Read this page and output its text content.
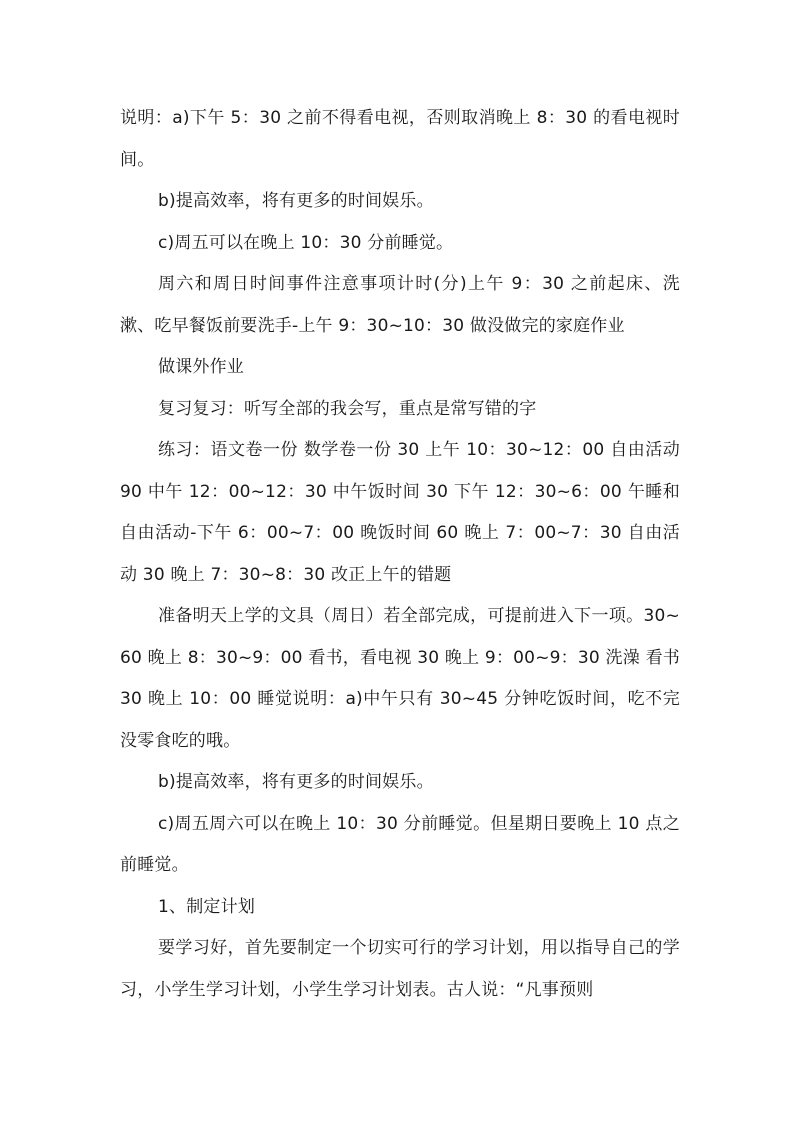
说明：a)下午 5：30 之前不得看电视，否则取消晚上 8：30 的看电视时间。

b)提高效率，将有更多的时间娱乐。

c)周五可以在晚上 10：30 分前睡觉。

周六和周日时间事件注意事项计时(分)上午 9：30 之前起床、洗漱、吃早餐饭前要洗手-上午 9：30~10：30 做没做完的家庭作业

做课外作业

复习复习：听写全部的我会写，重点是常写错的字

练习：语文卷一份 数学卷一份 30 上午 10：30~12：00 自由活动 90 中午 12：00~12：30 中午饭时间 30 下午 12：30~6：00 午睡和自由活动-下午 6：00~7：00 晚饭时间 60 晚上 7：00~7：30 自由活动 30 晚上 7：30~8：30 改正上午的错题

准备明天上学的文具（周日）若全部完成，可提前进入下一项。30~60 晚上 8：30~9：00 看书，看电视 30 晚上 9：00~9：30 洗澡 看书 30 晚上 10：00 睡觉说明：a)中午只有 30~45 分钟吃饭时间，吃不完没零食吃的哦。

b)提高效率，将有更多的时间娱乐。

c)周五周六可以在晚上 10：30 分前睡觉。但星期日要晚上 10 点之前睡觉。

1、制定计划

要学习好，首先要制定一个切实可行的学习计划，用以指导自己的学习，小学生学习计划，小学生学习计划表。古人说：“凡事预则
